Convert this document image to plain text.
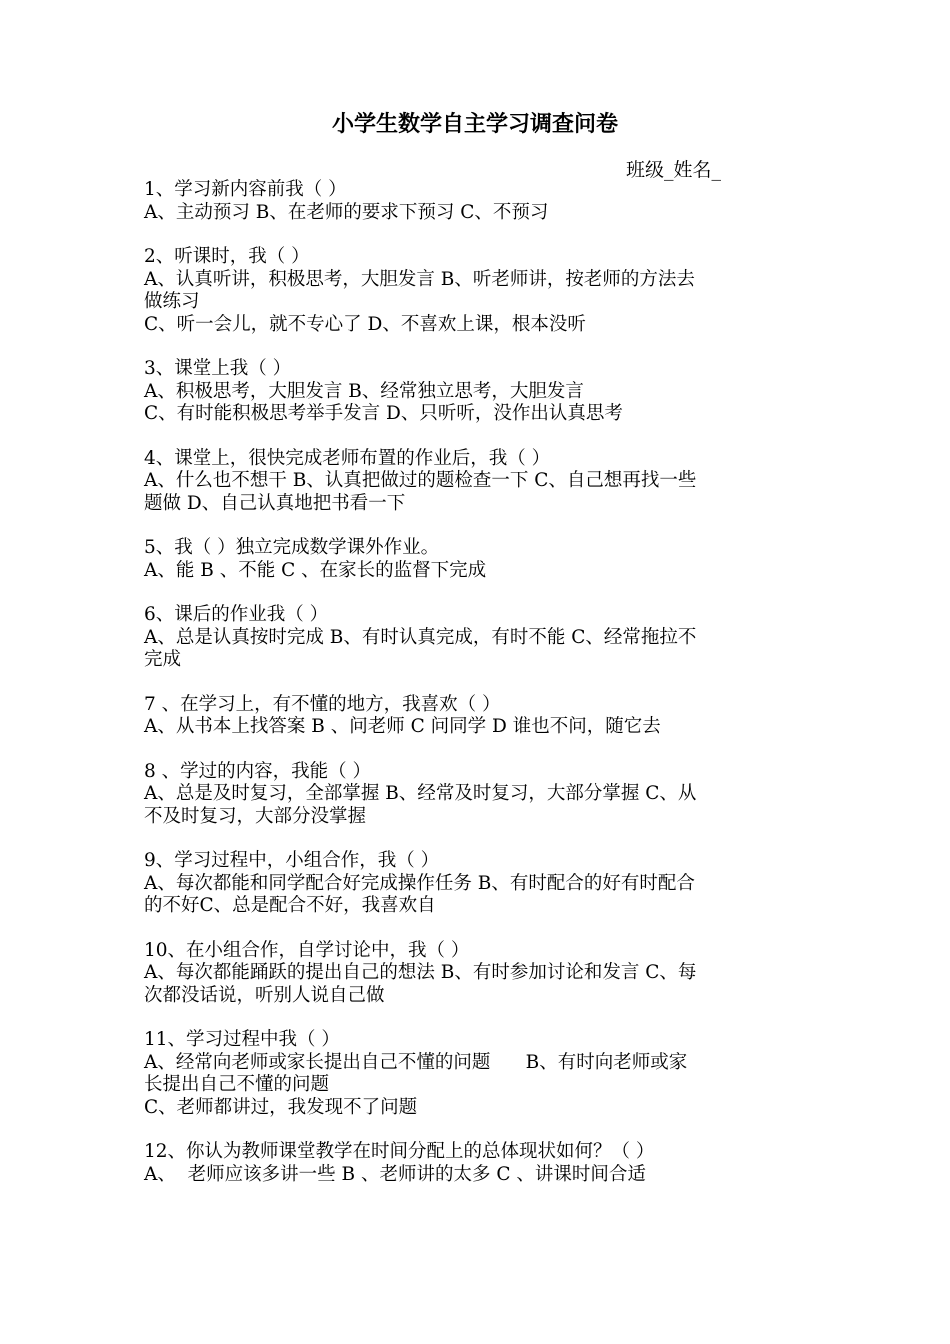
小学生数学自主学习调查问卷
班级_姓名_
1、学习新内容前我（ ）
A、主动预习 B、在老师的要求下预习 C、不预习
2、听课时，我（ ）
A、认真听讲，积极思考，大胆发言 B、听老师讲，按老师的方法去
做练习
C、听一会儿，就不专心了 D、不喜欢上课，根本没听
3、课堂上我（ ）
A、积极思考，大胆发言 B、经常独立思考，大胆发言
C、有时能积极思考举手发言 D、只听听，没作出认真思考
4、课堂上，很快完成老师布置的作业后，我（ ）
A、什么也不想干 B、认真把做过的题检查一下 C、自己想再找一些
题做 D、自己认真地把书看一下
5、我（ ）独立完成数学课外作业。
A、能 B 、不能 C 、在家长的监督下完成
6、课后的作业我（ ）
A、总是认真按时完成 B、有时认真完成，有时不能 C、经常拖拉不
完成
7 、在学习上，有不懂的地方，我喜欢（ ）
A、从书本上找答案 B 、问老师 C 问同学 D 谁也不问，随它去
8 、学过的内容，我能（ ）
A、总是及时复习，全部掌握 B、经常及时复习，大部分掌握 C、从
不及时复习，大部分没掌握
9、学习过程中，小组合作，我（ ）
A、每次都能和同学配合好完成操作任务 B、有时配合的好有时配合
的不好C、总是配合不好，我喜欢自
10、在小组合作，自学讨论中，我（ ）
A、每次都能踊跃的提出自己的想法 B、有时参加讨论和发言 C、每
次都没话说，听别人说自己做
11、学习过程中我（ ）
A、经常向老师或家长提出自己不懂的问题      B、有时向老师或家
长提出自己不懂的问题
C、老师都讲过，我发现不了问题
12、你认为教师课堂教学在时间分配上的总体现状如何？（ ）
A、  老师应该多讲一些 B 、老师讲的太多 C 、讲课时间合适
